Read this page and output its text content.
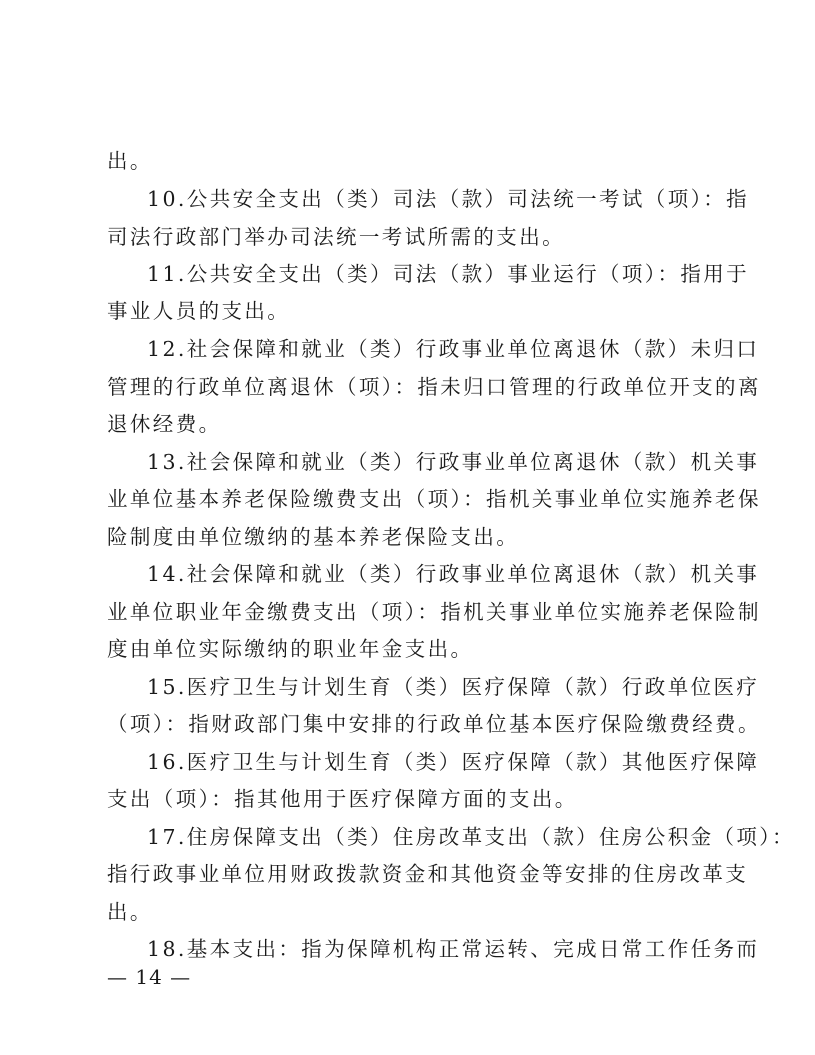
出。
10.公共安全支出（类）司法（款）司法统一考试（项）：指
司法行政部门举办司法统一考试所需的支出。
11.公共安全支出（类）司法（款）事业运行（项）：指用于
事业人员的支出。
12.社会保障和就业（类）行政事业单位离退休（款）未归口
管理的行政单位离退休（项）：指未归口管理的行政单位开支的离
退休经费。
13.社会保障和就业（类）行政事业单位离退休（款）机关事
业单位基本养老保险缴费支出（项）：指机关事业单位实施养老保
险制度由单位缴纳的基本养老保险支出。
14.社会保障和就业（类）行政事业单位离退休（款）机关事
业单位职业年金缴费支出（项）：指机关事业单位实施养老保险制
度由单位实际缴纳的职业年金支出。
15.医疗卫生与计划生育（类）医疗保障（款）行政单位医疗
（项）：指财政部门集中安排的行政单位基本医疗保险缴费经费。
16.医疗卫生与计划生育（类）医疗保障（款）其他医疗保障
支出（项）：指其他用于医疗保障方面的支出。
17.住房保障支出（类）住房改革支出（款）住房公积金（项）：
指行政事业单位用财政拨款资金和其他资金等安排的住房改革支
出。
18.基本支出：指为保障机构正常运转、完成日常工作任务而
— 14 —
